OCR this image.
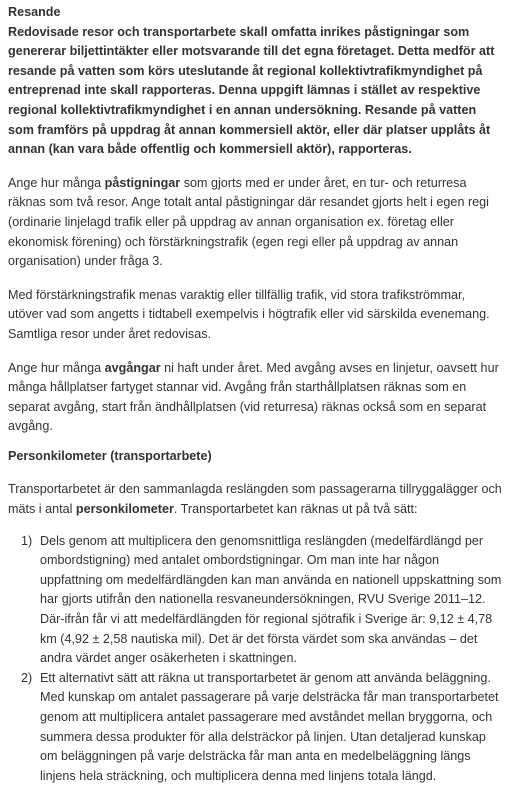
Resande

Redovisade resor och transportarbete skall omfatta inrikes påstigningar som genererar biljettintäkter eller motsvarande till det egna företaget. Detta medför att resande på vatten som körs uteslutande åt regional kollektivtrafikmyndighet på entreprenad inte skall rapporteras. Denna uppgift lämnas i stället av respektive regional kollektivtrafikmyndighet i en annan undersökning. Resande på vatten som framförs på uppdrag åt annan kommersiell aktör, eller där platser upplåts åt annan (kan vara både offentlig och kommersiell aktör), rapporteras.

Ange hur många påstigningar som gjorts med er under året, en tur- och returresa räknas som två resor. Ange totalt antal påstigningar där resandet gjorts helt i egen regi (ordinarie linjelagd trafik eller på uppdrag av annan organisation ex. företag eller ekonomisk förening) och förstärkningstrafik (egen regi eller på uppdrag av annan organisation) under fråga 3.

Med förstärkningstrafik menas varaktig eller tillfällig trafik, vid stora trafikströmmar, utöver vad som angetts i tidtabell exempelvis i högtrafik eller vid särskilda evenemang. Samtliga resor under året redovisas.

Ange hur många avgångar ni haft under året. Med avgång avses en linjetur, oavsett hur många hållplatser fartyget stannar vid. Avgång från starthållplatsen räknas som en separat avgång, start från ändhållplatsen (vid returresa) räknas också som en separat avgång.

Personkilometer (transportarbete)

Transportarbetet är den sammanlagda reslängden som passagerarna tillryggalägger och mäts i antal personkilometer. Transportarbetet kan räknas ut på två sätt:

1) Dels genom att multiplicera den genomsnittliga reslängden (medelfärdlängd per ombordstigning) med antalet ombordstigningar. Om man inte har någon uppfattning om medelfärdlängden kan man använda en nationell uppskattning som har gjorts utifrån den nationella resvaneundersökningen, RVU Sverige 2011–12. Där-ifrån får vi att medelfärdlängden för regional sjötrafik i Sverige är: 9,12 ± 4,78 km (4,92 ± 2,58 nautiska mil). Det är det första värdet som ska användas – det andra värdet anger osäkerheten i skattningen.
2) Ett alternativt sätt att räkna ut transportarbetet är genom att använda beläggning. Med kunskap om antalet passagerare på varje delsträcka får man transportarbetet genom att multiplicera antalet passagerare med avståndet mellan bryggorna, och summera dessa produkter för alla delsträckor på linjen. Utan detaljerad kunskap om beläggningen på varje delsträcka får man anta en medelbeläggning längs linjens hela sträckning, och multiplicera denna med linjens totala längd.
